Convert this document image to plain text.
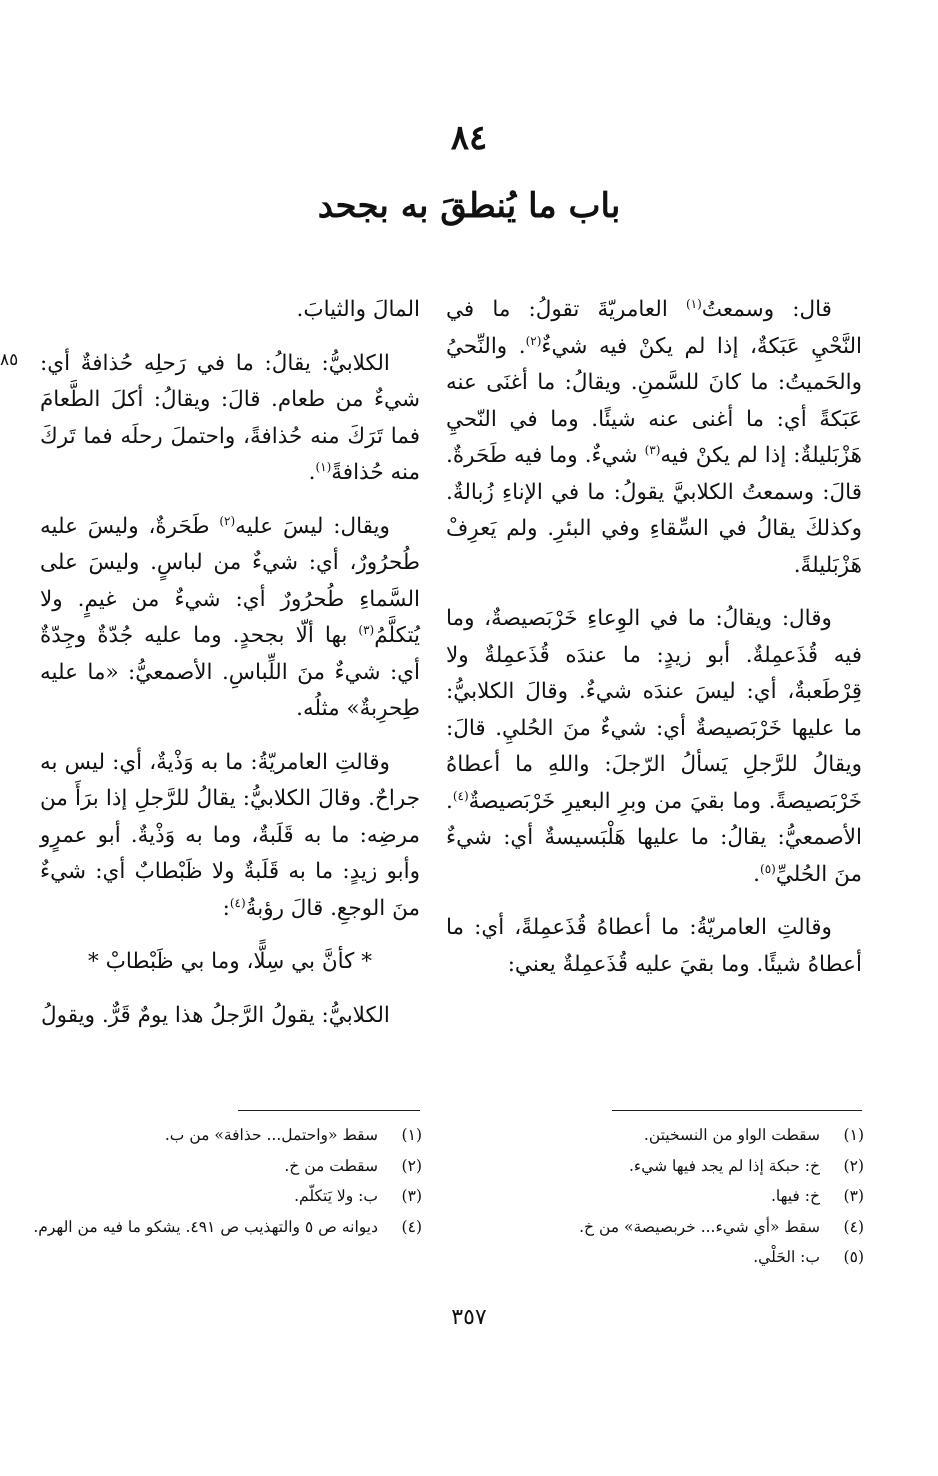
٨٤
باب ما يُنطقَ به بجحد

قال: وسمعتُ$^{(١)}$ العامريّةَ تقولُ: ما في النَّحْيِ عَبَكةٌ، إذا لم يكنْ فيه شيءٌ$^{(٢)}$. والنِّحيُ والحَميتُ: ما كانَ للسَّمنِ. ويقالُ: ما أغنَى عنه عَبَكةً أي: ما أغنى عنه شيئًا. وما في النّحيِ هَزْبَليلةٌ: إذا لم يكنْ فيه$^{(٣)}$ شيءٌ. وما فيه طَحَرةٌ. قالَ: وسمعتُ الكلابيَّ يقولُ: ما في الإناءِ زُبالةٌ. وكذلكَ يقالُ في السِّقاءِ وفي البئرِ. ولم يَعرِفْ هَزْبَليلةً.

وقال: ويقالُ: ما في الوِعاءِ خَرْبَصيصةٌ، وما فيه قُذَعمِلةٌ. أبو زيدٍ: ما عندَه قُذَعمِلةٌ ولا قِرْطَعبةٌ، أي: ليسَ عندَه شيءٌ. وقالَ الكلابيُّ: ما عليها خَرْبَصيصةٌ أي: شيءٌ منَ الحُليِ. قالَ: ويقالُ للرَّجلِ يَسألُ الرّجلَ: واللهِ ما أعطاهُ خَرْبَصيصةً. وما بقيَ من وبرِ البعيرِ خَرْبَصيصةٌ$^{(٤)}$. الأصمعيُّ: يقالُ: ما عليها هَلْبَسيسةٌ أي: شيءٌ منَ الحُليِّ$^{(٥)}$.

وقالتِ العامريّةُ: ما أعطاهُ قُذَعمِلةً، أي: ما أعطاهُ شيئًا. وما بقيَ عليه قُذَعمِلةٌ يعني:

٨٥

المالَ والثيابَ.

الكلابيُّ: يقالُ: ما في رَحلِه حُذافةٌ أي: شيءٌ من طعام. قالَ: ويقالُ: أكلَ الطَّعامَ فما تَرَكَ منه حُذافةً، واحتملَ رحلَه فما تَركَ منه حُذافةً$^{(١)}$.

ويقال: ليسَ عليه$^{(٢)}$ طَحَرةٌ، وليسَ عليه طُحرُورٌ، أي: شيءٌ من لباسٍ. وليسَ على السَّماءِ طُحرُورٌ أي: شيءٌ من غيمٍ. ولا يُتكلَّمُ$^{(٣)}$ بها ألّا بجحدٍ. وما عليه جُدّةٌ وجِدّةٌ أي: شيءٌ منَ اللِّباسِ. الأصمعيُّ: «ما عليه طِحرِبةٌ» مثلُه.

وقالتِ العامريّةُ: ما به وَذْيةٌ، أي: ليس به جراحٌ. وقالَ الكلابيُّ: يقالُ للرَّجلِ إذا برَأَ من مرضِه: ما به قَلَبةٌ، وما به وَذْيةٌ. أبو عمرٍو وأبو زيدٍ: ما به قَلَبةٌ ولا ظَبْطابٌ أي: شيءٌ منَ الوجعِ. قالَ رؤبةُ$^{(٤)}$:

* كأنَّ بي سِلًّا، وما بي ظَبْطابْ *

الكلابيُّ: يقولُ الرَّجلُ هذا يومٌ قَرٌّ. ويقولُ

(١)سقطت الواو من النسخيتن.
(٢)خ: حبكة إذا لم يجد فيها شيء.
(٣)خ: فيها.
(٤)سقط «أي شيء... خربصيصة» من خ.
(٥)ب: الحَلْي.
(١)سقط «واحتمل... حذافة» من ب.
(٢)سقطت من خ.
(٣)ب: ولا يَتكلّم.
(٤)ديوانه ص ٥ والتهذيب ص ٤٩١. يشكو ما فيه من الهرم.
٣٥٧
